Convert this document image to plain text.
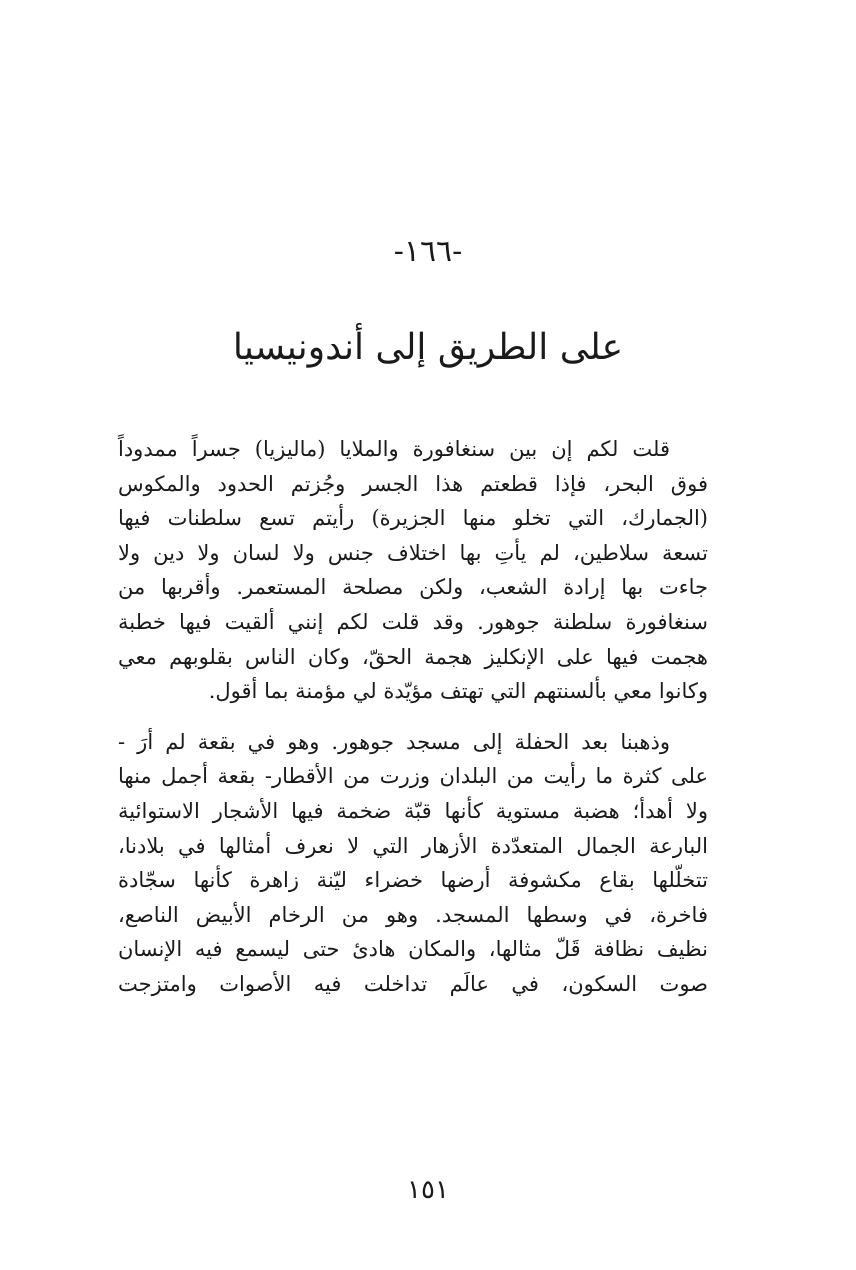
-١٦٦-
على الطريق إلى أندونيسيا

قلت لكم إن بين سنغافورة والملايا (ماليزيا) جسراً ممدوداً
فوق البحر، فإذا قطعتم هذا الجسر وجُزتم الحدود والمكوس
(الجمارك، التي تخلو منها الجزيرة) رأيتم تسع سلطنات فيها
تسعة سلاطين، لم يأتِ بها اختلاف جنس ولا لسان ولا دين ولا
جاءت بها إرادة الشعب، ولكن مصلحة المستعمر. وأقربها من
سنغافورة سلطنة جوهور. وقد قلت لكم إنني ألقيت فيها خطبة
هجمت فيها على الإنكليز هجمة الحقّ، وكان الناس بقلوبهم معي
وكانوا معي بألسنتهم التي تهتف مؤيّدة لي مؤمنة بما أقول.

وذهبنا بعد الحفلة إلى مسجد جوهور. وهو في بقعة لم أرَ -
على كثرة ما رأيت من البلدان وزرت من الأقطار- بقعة أجمل منها
ولا أهدأ؛ هضبة مستوية كأنها قبّة ضخمة فيها الأشجار الاستوائية
البارعة الجمال المتعدّدة الأزهار التي لا نعرف أمثالها في بلادنا،
تتخلّلها بقاع مكشوفة أرضها خضراء ليّنة زاهرة كأنها سجّادة
فاخرة، في وسطها المسجد. وهو من الرخام الأبيض الناصع،
نظيف نظافة قَلّ مثالها، والمكان هادئ حتى ليسمع فيه الإنسان
صوت السكون، في عالَم تداخلت فيه الأصوات وامتزجت

١٥١
